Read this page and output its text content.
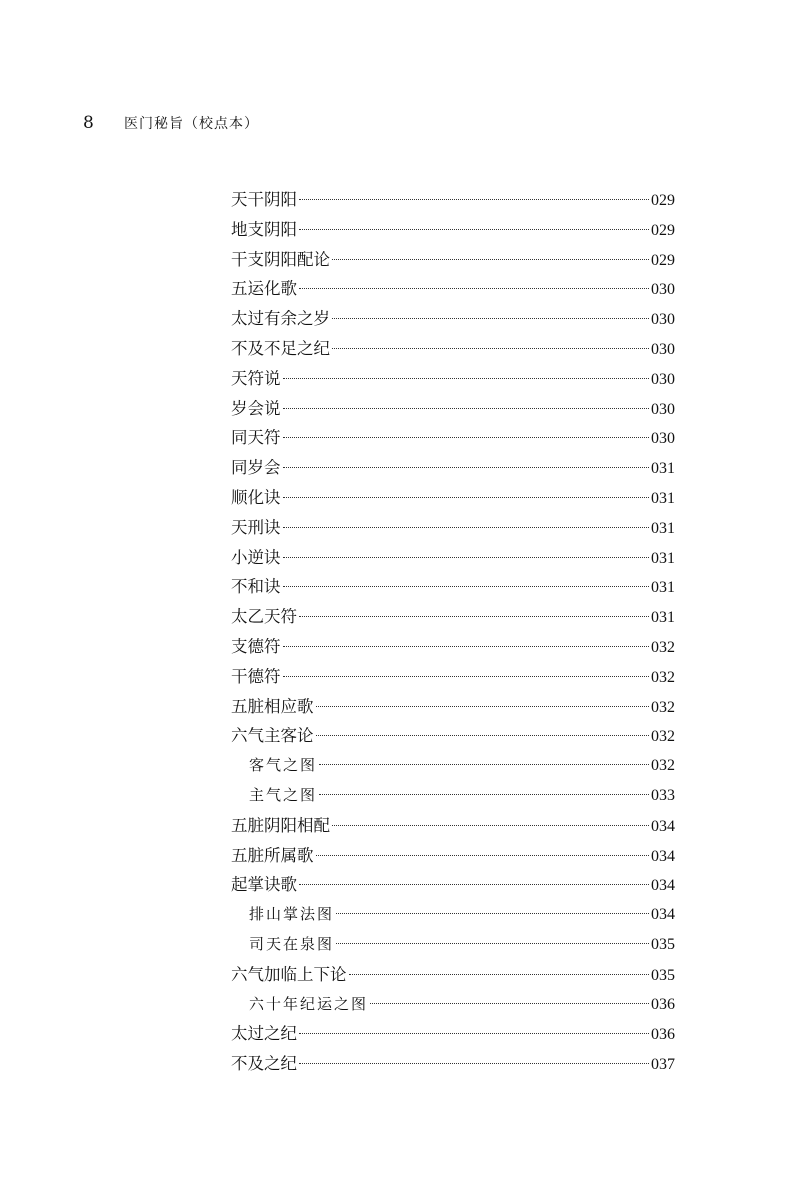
8 医门秘旨（校点本）
天干阴阳	029
地支阴阳	029
干支阴阳配论	029
五运化歌	030
太过有余之岁	030
不及不足之纪	030
天符说	030
岁会说	030
同天符	030
同岁会	031
顺化诀	031
天刑诀	031
小逆诀	031
不和诀	031
太乙天符	031
支德符	032
干德符	032
五脏相应歌	032
六气主客论	032
客气之图	032
主气之图	033
五脏阴阳相配	034
五脏所属歌	034
起掌诀歌	034
排山掌法图	034
司天在泉图	035
六气加临上下论	035
六十年纪运之图	036
太过之纪	036
不及之纪	037
